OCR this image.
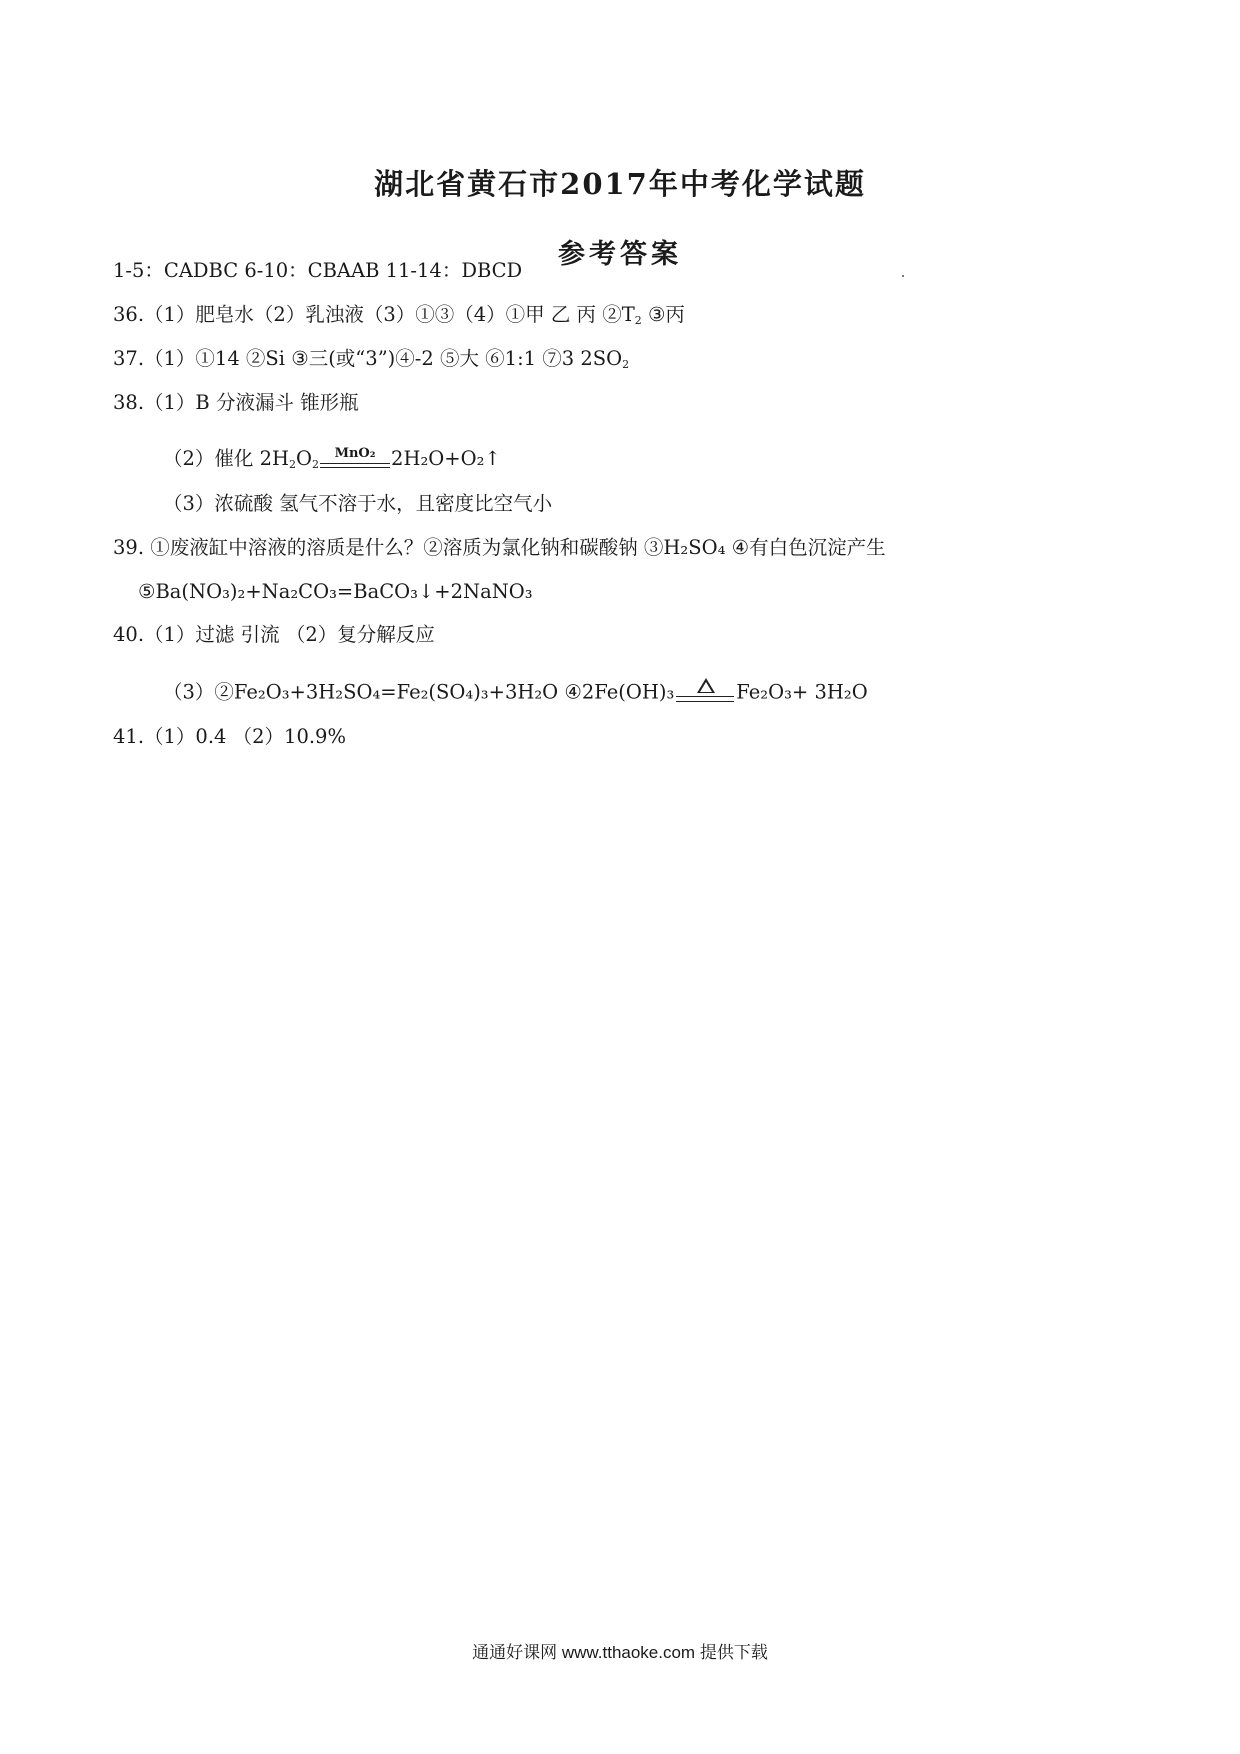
湖北省黄石市2017年中考化学试题
参考答案
1-5：CADBC 6-10：CBAAB 11-14：DBCD
36.（1）肥皂水（2）乳浊液（3）①③（4）①甲 乙 丙 $②T_2$ ③丙
37.（1）①14 ②Si ③三(或“3”)④-2 ⑤大 ⑥1:1 ⑦3 $2SO_2$
38.（1）B 分液漏斗 锥形瓶
（2）催化 $2H_2O_2$
MnO₂ 2H₂O+O₂↑
（3）浓硫酸 氢气不溶于水，且密度比空气小
39. ①废液缸中溶液的溶质是什么？②溶质为氯化钠和碳酸钠 ③H₂SO₄ ④有白色沉淀产生
⑤Ba(NO₃)₂+Na₂CO₃=BaCO₃↓+2NaNO₃
40.（1）过滤 引流 （2）复分解反应
（3）②Fe₂O₃+3H₂SO₄=Fe₂(SO₄)₃+3H₂O ④2Fe(OH)₃	Fe₂O₃+ 3H₂O
41.（1）0.4 （2）10.9%
通通好课网 www.tthaoke.com 提供下载
